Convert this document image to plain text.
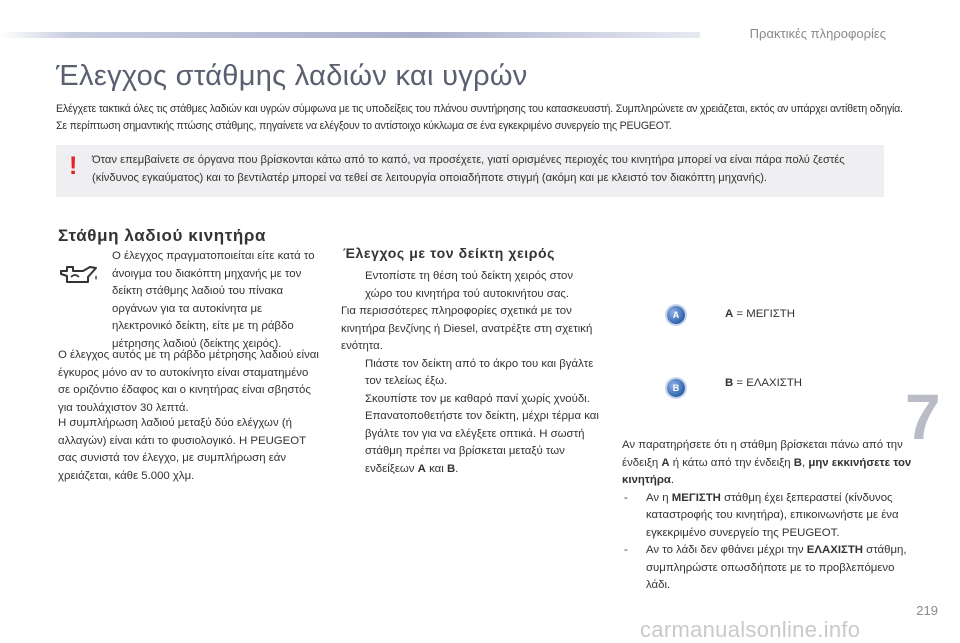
Πρακτικές πληροφορίες
Έλεγχος στάθμης λαδιών και υγρών

Ελέγχετε τακτικά όλες τις στάθμες λαδιών και υγρών σύμφωνα με τις υποδείξεις του πλάνου συντήρησης του κατασκευαστή. Συμπληρώνετε αν χρειάζεται, εκτός αν υπάρχει αντίθετη οδηγία.

Σε περίπτωση σημαντικής πτώσης στάθμης, πηγαίνετε να ελέγξουν το αντίστοιχο κύκλωμα σε ένα εγκεκριμένο συνεργείο της PEUGEOT.

! Όταν επεμβαίνετε σε όργανα που βρίσκονται κάτω από το καπό, να προσέχετε, γιατί ορισμένες περιοχές του κινητήρα μπορεί να είναι πάρα πολύ ζεστές (κίνδυνος εγκαύματος) και το βεντιλατέρ μπορεί να τεθεί σε λειτουργία οποιαδήποτε στιγμή (ακόμη και με κλειστό τον διακόπτη μηχανής).
Στάθμη λαδιού κινητήρα

Ο έλεγχος πραγματοποιείται είτε κατά το άνοιγμα του διακόπτη μηχανής με τον δείκτη στάθμης λαδιού του πίνακα οργάνων για τα αυτοκίνητα με ηλεκτρονικό δείκτη, είτε με τη ράβδο μέτρησης λαδιού (δείκτης χειρός).

Ο έλεγχος αυτός με τη ράβδο μέτρησης λαδιού είναι έγκυρος μόνο αν το αυτοκίνητο είναι σταματημένο σε οριζόντιο έδαφος και ο κινητήρας είναι σβηστός για τουλάχιστον 30 λεπτά.

Η συμπλήρωση λαδιού μεταξύ δύο ελέγχων (ή αλλαγών) είναι κάτι το φυσιολογικό. Η PEUGEOT σας συνιστά τον έλεγχο, με συμπλήρωση εάν χρειάζεται, κάθε 5.000 χλμ.

Έλεγχος με τον δείκτη χειρός
Εντοπίστε τη θέση τού δείκτη χειρός στον χώρο του κινητήρα τού αυτοκινήτου σας.
Για περισσότερες πληροφορίες σχετικά με τον κινητήρα βενζίνης ή Diesel, ανατρέξτε στη σχετική ενότητα.
Πιάστε τον δείκτη από το άκρο του και βγάλτε τον τελείως έξω.
Σκουπίστε τον με καθαρό πανί χωρίς χνούδι.
Επανατοποθετήστε τον δείκτη, μέχρι τέρμα και βγάλτε τον για να ελέγξετε οπτικά. Η σωστή στάθμη πρέπει να βρίσκεται μεταξύ των ενδείξεων A και B.
A
B
A = ΜΕΓΙΣΤΗ
B = ΕΛΑΧΙΣΤΗ 7
Αν παρατηρήσετε ότι η στάθμη βρίσκεται πάνω από την ένδειξη A ή κάτω από την ένδειξη B, μην εκκινήσετε τον κινητήρα.
- Αν η ΜΕΓΙΣΤΗ στάθμη έχει ξεπεραστεί (κίνδυνος καταστροφής του κινητήρα), επικοινωνήστε με ένα εγκεκριμένο συνεργείο της PEUGEOT.
- Αν το λάδι δεν φθάνει μέχρι την ΕΛΑΧΙΣΤΗ στάθμη, συμπληρώστε οπωσδήποτε με το προβλεπόμενο λάδι.
219
carmanualsonline.info
